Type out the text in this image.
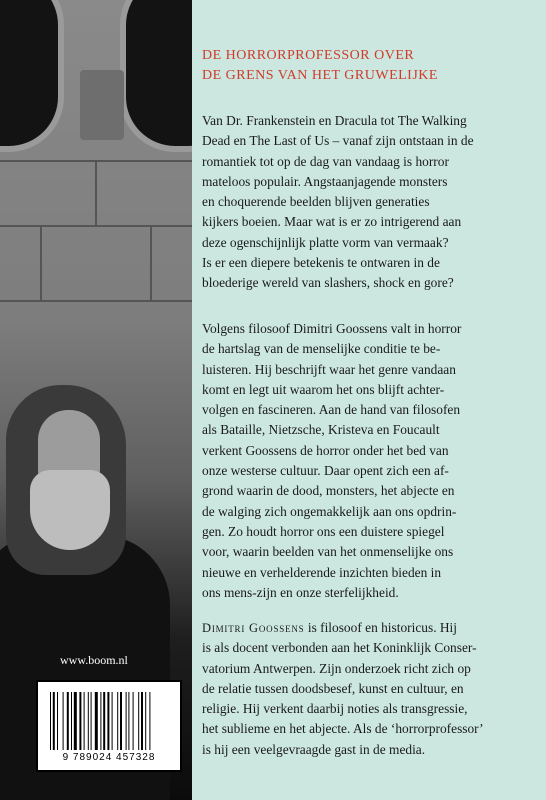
www.boom.nl
9 789024 457328
DE HORRORPROFESSOR OVER
DE GRENS VAN HET GRUWELIJKE
Van Dr. Frankenstein en Dracula tot The Walking
Dead en The Last of Us – vanaf zijn ontstaan in de
romantiek tot op de dag van vandaag is horror
mateloos populair. Angstaanjagende monsters
en choquerende beelden blijven generaties
kijkers boeien. Maar wat is er zo intrigerend aan
deze ogenschijnlijk platte vorm van vermaak?
Is er een diepere betekenis te ontwaren in de
bloederige wereld van slashers, shock en gore?
Volgens filosoof Dimitri Goossens valt in horror
de hartslag van de menselijke conditie te be-
luisteren. Hij beschrijft waar het genre vandaan
komt en legt uit waarom het ons blijft achter-
volgen en fascineren. Aan de hand van filosofen
als Bataille, Nietzsche, Kristeva en Foucault
verkent Goossens de horror onder het bed van
onze westerse cultuur. Daar opent zich een af-
grond waarin de dood, monsters, het abjecte en
de walging zich ongemakkelijk aan ons opdrin-
gen. Zo houdt horror ons een duistere spiegel
voor, waarin beelden van het onmenselijke ons
nieuwe en verhelderende inzichten bieden in
ons mens-zijn en onze sterfelijkheid.
Dimitri Goossens is filosoof en historicus. Hij
is als docent verbonden aan het Koninklijk Conser-
vatorium Antwerpen. Zijn onderzoek richt zich op
de relatie tussen doodsbesef, kunst en cultuur, en
religie. Hij verkent daarbij noties als transgressie,
het sublieme en het abjecte. Als de ‘horrorprofessor’
is hij een veelgevraagde gast in de media.
